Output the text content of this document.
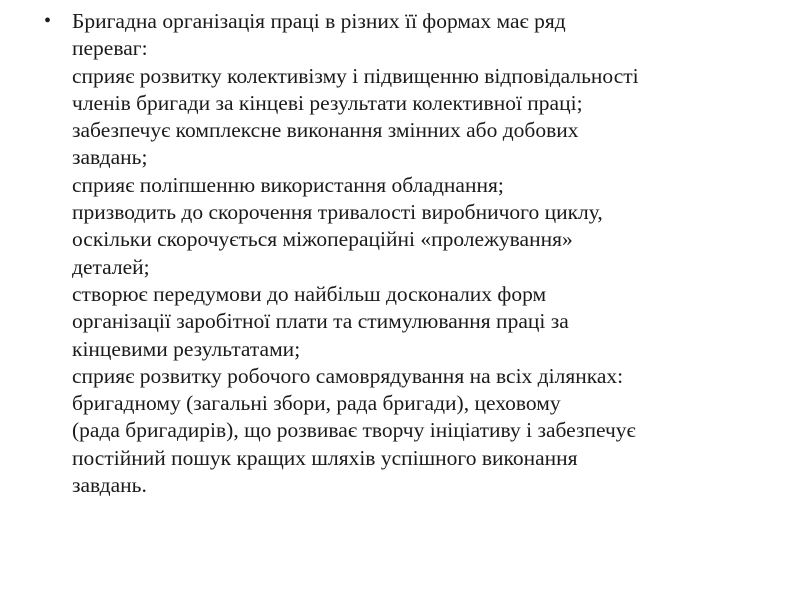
• Бригадна організація праці в різних її формах має ряд
переваг:
сприяє розвитку колективізму і підвищенню відповідальності
членів бригади за кінцеві результати колективної праці;
забезпечує комплексне виконання змінних або добових
завдань;
сприяє поліпшенню використання обладнання;
призводить до скорочення тривалості виробничого циклу,
оскільки скорочується міжопераційні «пролежування»
деталей;
створює передумови до найбільш досконалих форм
організації заробітної плати та стимулювання праці за
кінцевими результатами;
сприяє розвитку робочого самоврядування на всіх ділянках:
бригадному (загальні збори, рада бригади), цеховому
(рада бригадирів), що розвиває творчу ініціативу і забезпечує
постійний пошук кращих шляхів успішного виконання
завдань.
